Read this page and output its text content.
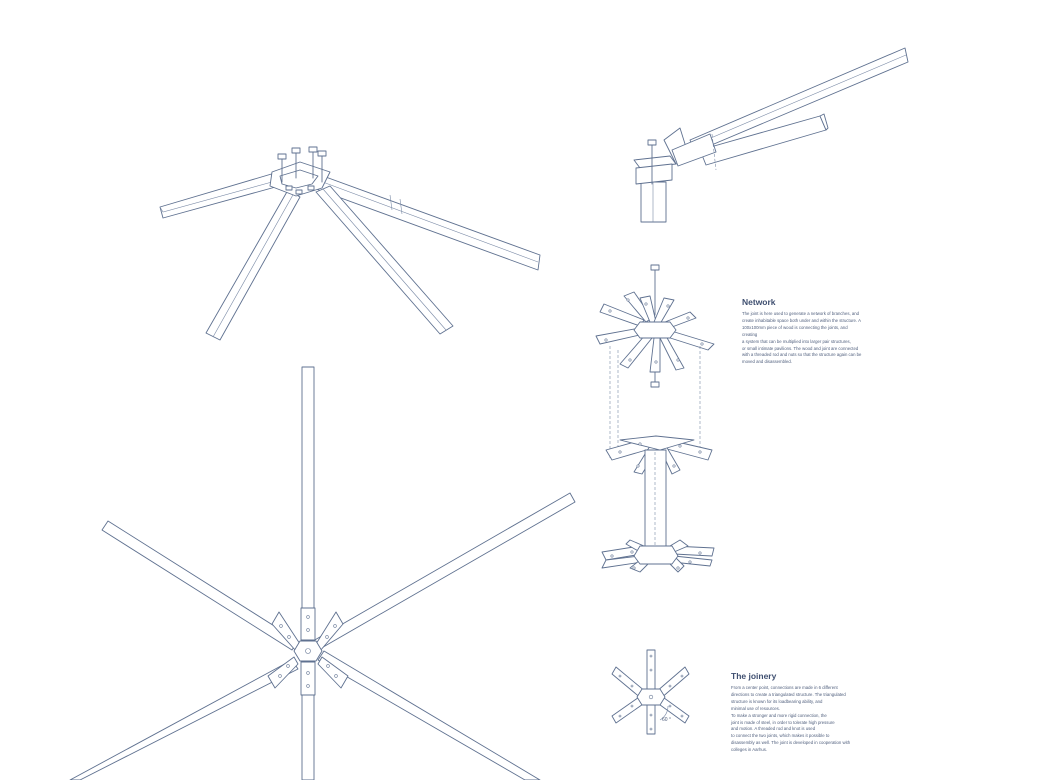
60 °
Network
The joint is here used to generate a network of branches, and
create inhabitable space both under and within the structure. A
100x100mm piece of wood is connecting the joints, and
creating
a system that can be multiplied into larger pair structures,
or small intimate pavilions. The wood and joint are connected
with a threaded rod and nuts so that the structure again can be
moved and disassembled.
The joinery
From a center point, connections are made in 6 different
directions to create a triangulated structure. The triangulated
structure is known for its loadbearing ability, and
minimal use of resources.
To make a stronger and more rigid connection, the
joint is made of steel, in order to tolerate high pressure
and motion. A threaded rod and knot is used
to connect the two joints, which makes it possible to
disassembly as well. The joint is developed in cooperation with
colleges in Aarhus.
